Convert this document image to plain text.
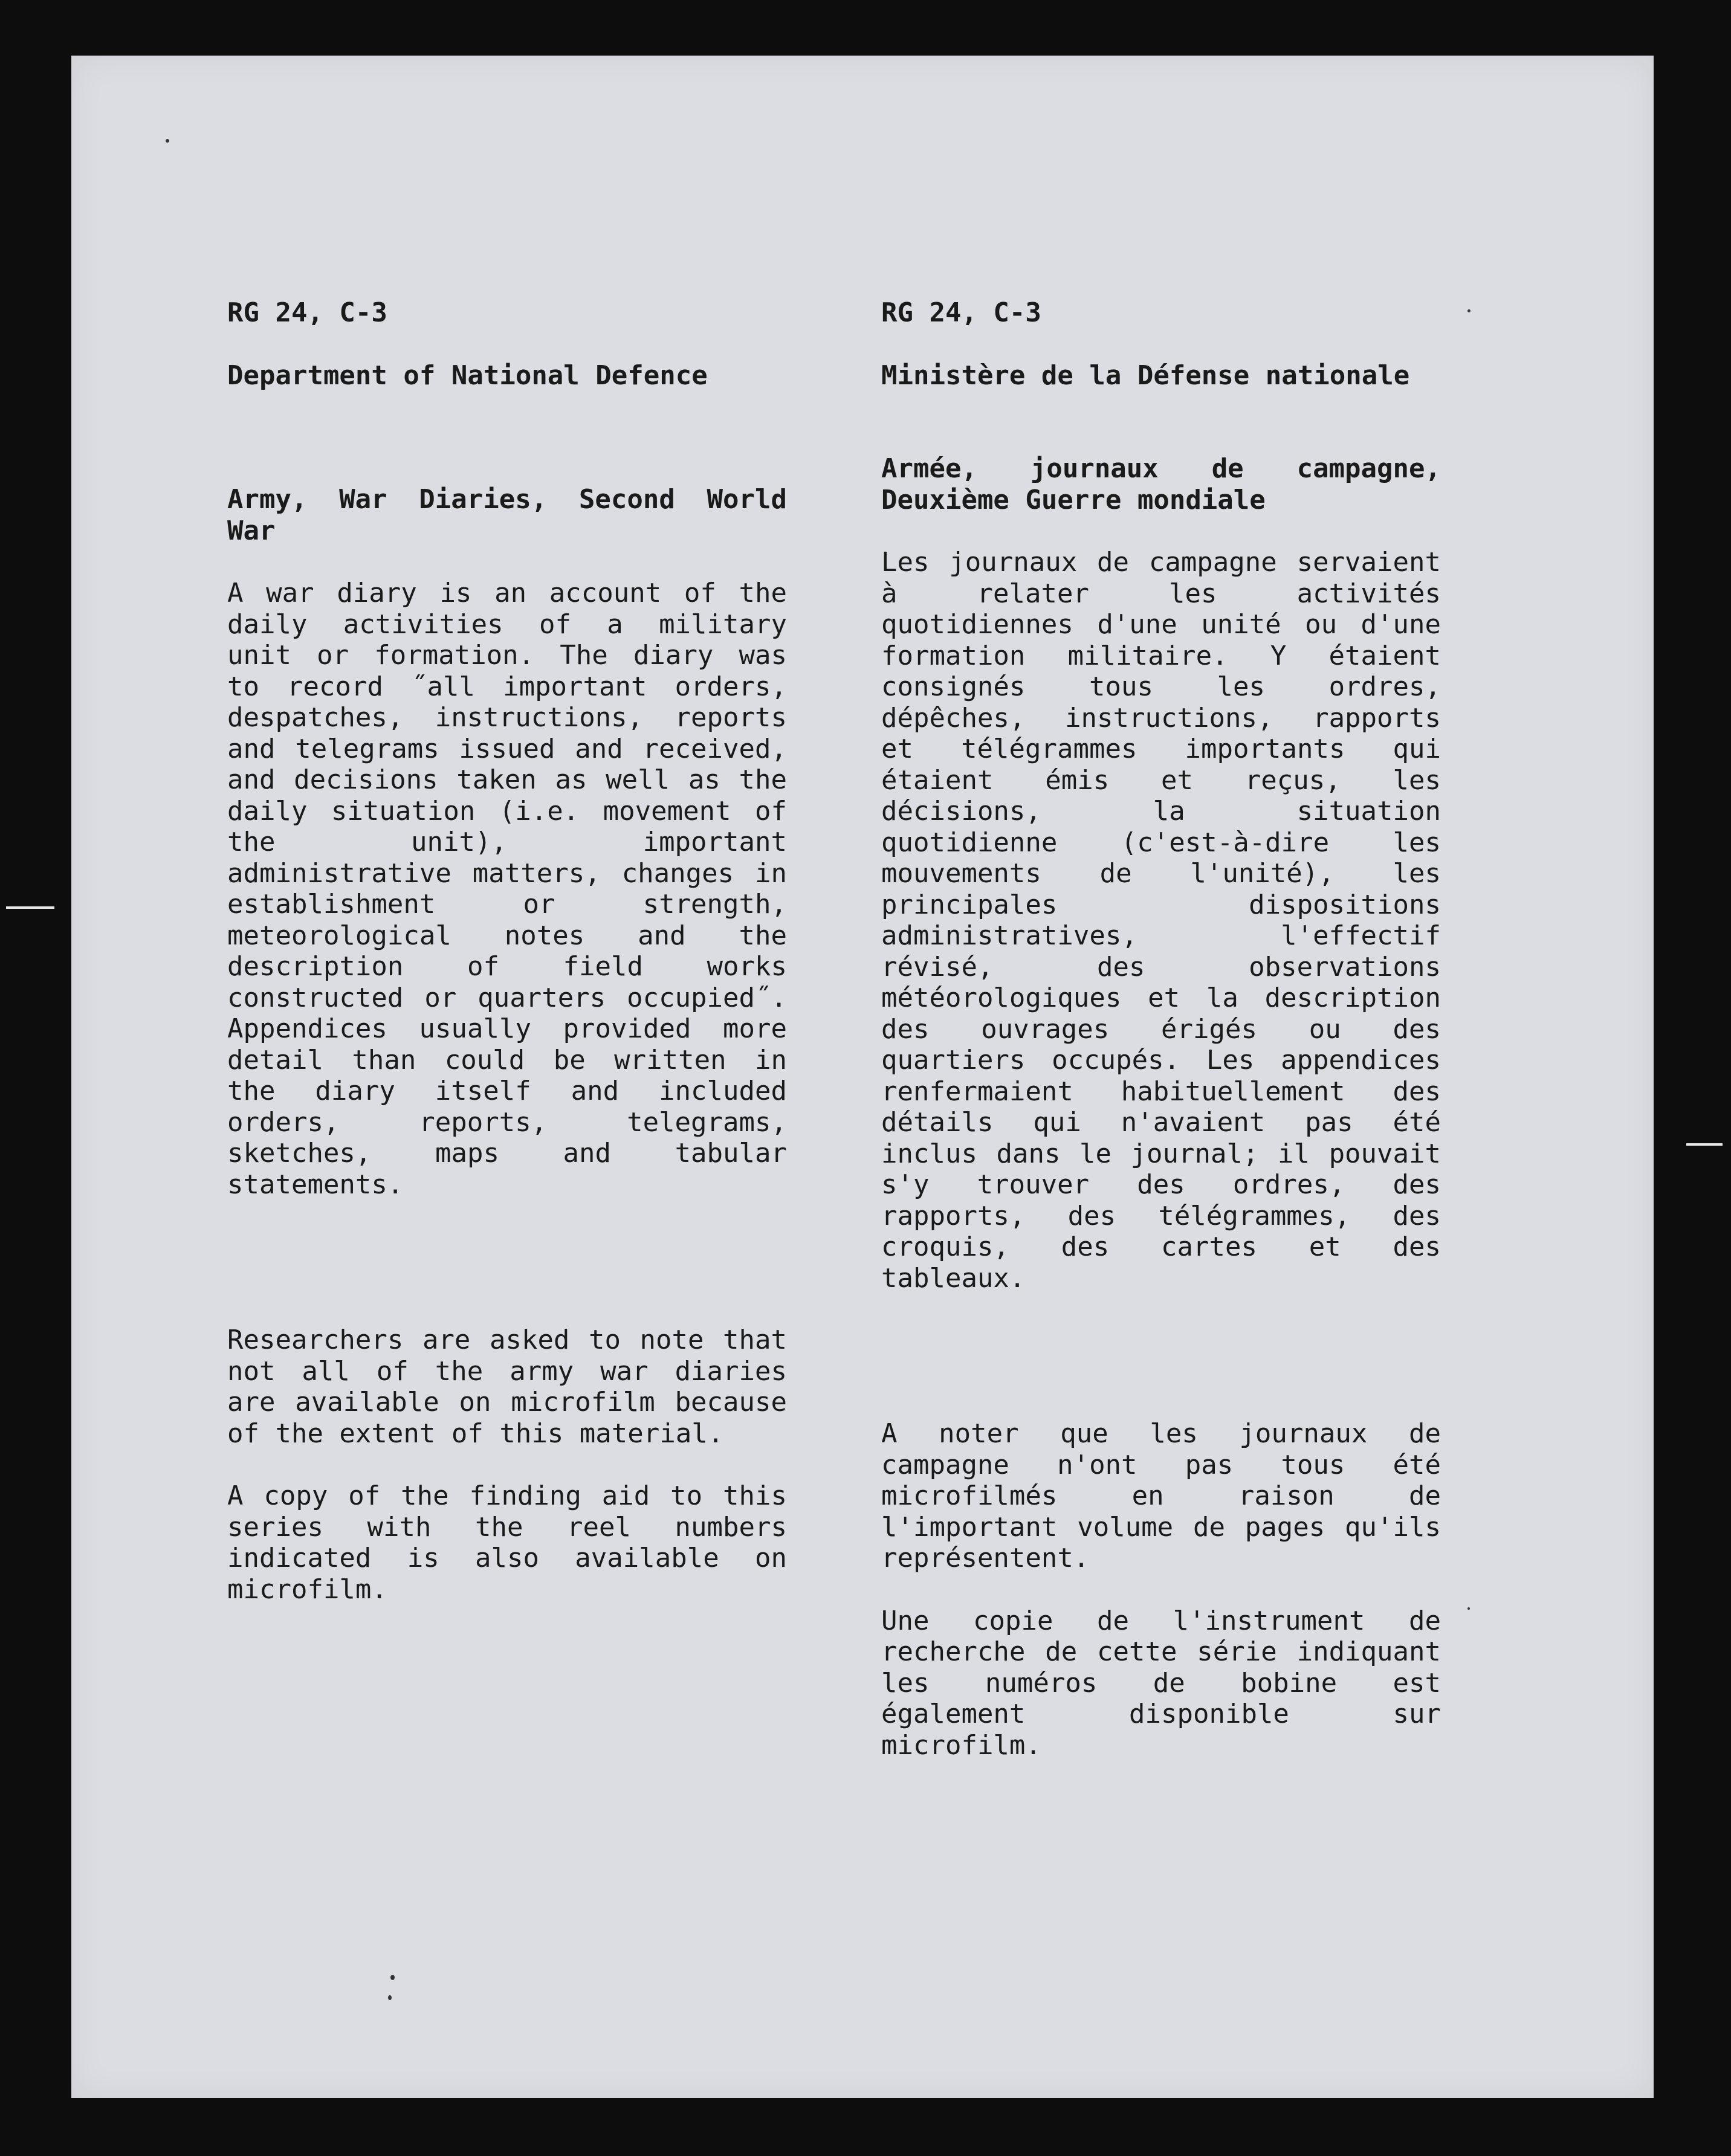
RG 24, C-3

Department of National Defence

Army, War Diaries, Second World War

A war diary is an account of the daily activities of a military unit or formation. The diary was to record ˝all important orders, despatches, instructions, reports and telegrams issued and received, and decisions taken as well as the daily situation (i.e. movement of the unit), important administrative matters, changes in establishment or strength, meteorological notes and the description of field works constructed or quarters occupied˝. Appendices usually provided more detail than could be written in the diary itself and included orders, reports, telegrams, sketches, maps and tabular statements.

Researchers are asked to note that not all of the army war diaries are available on microfilm because of the extent of this material.

A copy of the finding aid to this series with the reel numbers indicated is also available on microfilm.

RG 24, C-3

Ministère de la Défense nationale

Armée, journaux de campagne, Deuxième Guerre mondiale

Les journaux de campagne servaient à relater les activités quotidiennes d'une unité ou d'une formation militaire. Y étaient consignés tous les ordres, dépêches, instructions, rapports et télégrammes importants qui étaient émis et reçus, les décisions, la situation quotidienne (c'est-à-dire les mouvements de l'unité), les principales dispositions administratives, l'effectif révisé, des observations météorologiques et la description des ouvrages érigés ou des quartiers occupés. Les appendices renfermaient habituellement des détails qui n'avaient pas été inclus dans le journal; il pouvait s'y trouver des ordres, des rapports, des télégrammes, des croquis, des cartes et des tableaux.

A noter que les journaux de campagne n'ont pas tous été microfilmés en raison de l'important volume de pages qu'ils représentent.

Une copie de l'instrument de recherche de cette série indiquant les numéros de bobine est également disponible sur microfilm.
